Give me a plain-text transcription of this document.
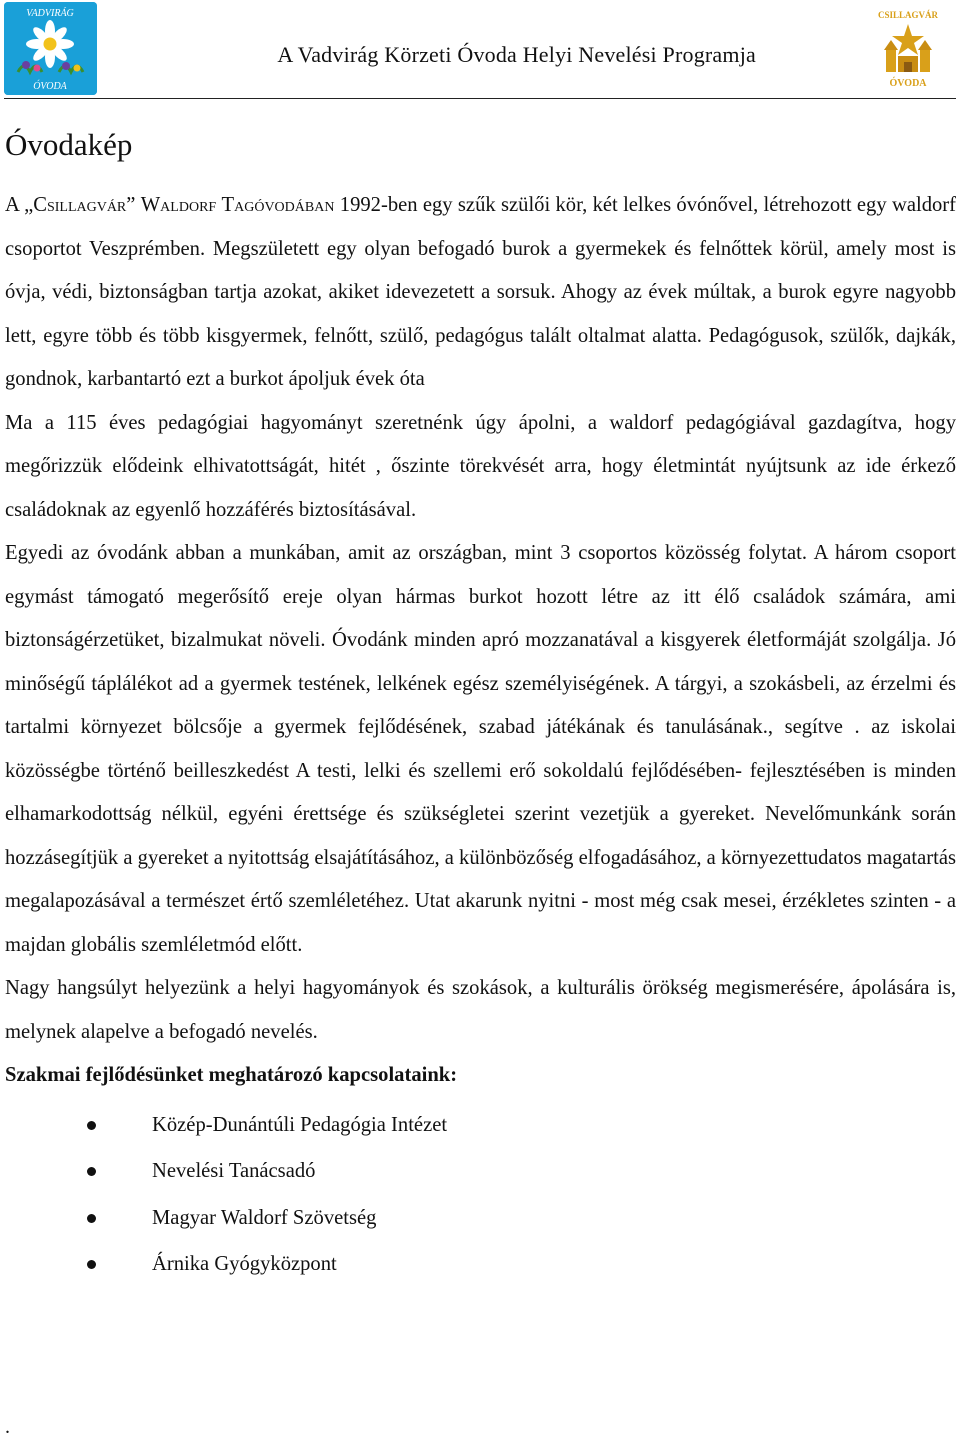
VADVIRÁG
ÓVODA
A Vadvirág Körzeti Óvoda Helyi Nevelési Programja
CSILLAGVÁR
ÓVODA
Óvodakép

A „Csillagvár” Waldorf Tagóvodában 1992-ben egy szűk szülői kör, két lelkes óvónővel, létrehozott egy waldorf csoportot Veszprémben. Megszületett egy olyan befogadó burok a gyermekek és felnőttek körül, amely most is óvja, védi, biztonságban tartja azokat, akiket idevezetett a sorsuk. Ahogy az évek múltak, a burok egyre nagyobb lett, egyre több és több kisgyermek, felnőtt, szülő, pedagógus talált oltalmat alatta. Pedagógusok, szülők, dajkák, gondnok, karbantartó ezt a burkot ápoljuk évek óta

Ma a 115 éves pedagógiai hagyományt szeretnénk úgy ápolni, a waldorf pedagógiával gazdagítva, hogy megőrizzük elődeink elhivatottságát, hitét , őszinte törekvését arra, hogy életmintát nyújtsunk az ide érkező családoknak az egyenlő hozzáférés biztosításával.

Egyedi az óvodánk abban a munkában, amit az országban, mint 3 csoportos közösség folytat. A három csoport egymást támogató megerősítő ereje olyan hármas burkot hozott létre az itt élő családok számára, ami biztonságérzetüket, bizalmukat növeli. Óvodánk minden apró mozzanatával a kisgyerek életformáját szolgálja. Jó minőségű táplálékot ad a gyermek testének, lelkének egész személyiségének. A tárgyi, a szokásbeli, az érzelmi és tartalmi környezet bölcsője a gyermek fejlődésének, szabad játékának és tanulásának., segítve . az iskolai közösségbe történő beilleszkedést A testi, lelki és szellemi erő sokoldalú fejlődésében- fejlesztésében is minden elhamarkodottság nélkül, egyéni érettsége és szükségletei szerint vezetjük a gyereket. Nevelőmunkánk során hozzásegítjük a gyereket a nyitottság elsajátításához, a különbözőség elfogadásához, a környezettudatos magatartás megalapozásával a természet értő szemléletéhez. Utat akarunk nyitni - most még csak mesei, érzékletes szinten - a majdan globális szemléletmód előtt.

Nagy hangsúlyt helyezünk a helyi hagyományok és szokások, a kulturális örökség megismerésére, ápolására is, melynek alapelve a befogadó nevelés.

Szakmai fejlődésünket meghatározó kapcsolataink:

Közép-Dunántúli Pedagógia Intézet
Nevelési Tanácsadó
Magyar Waldorf Szövetség
Árnika Gyógyközpont
.
